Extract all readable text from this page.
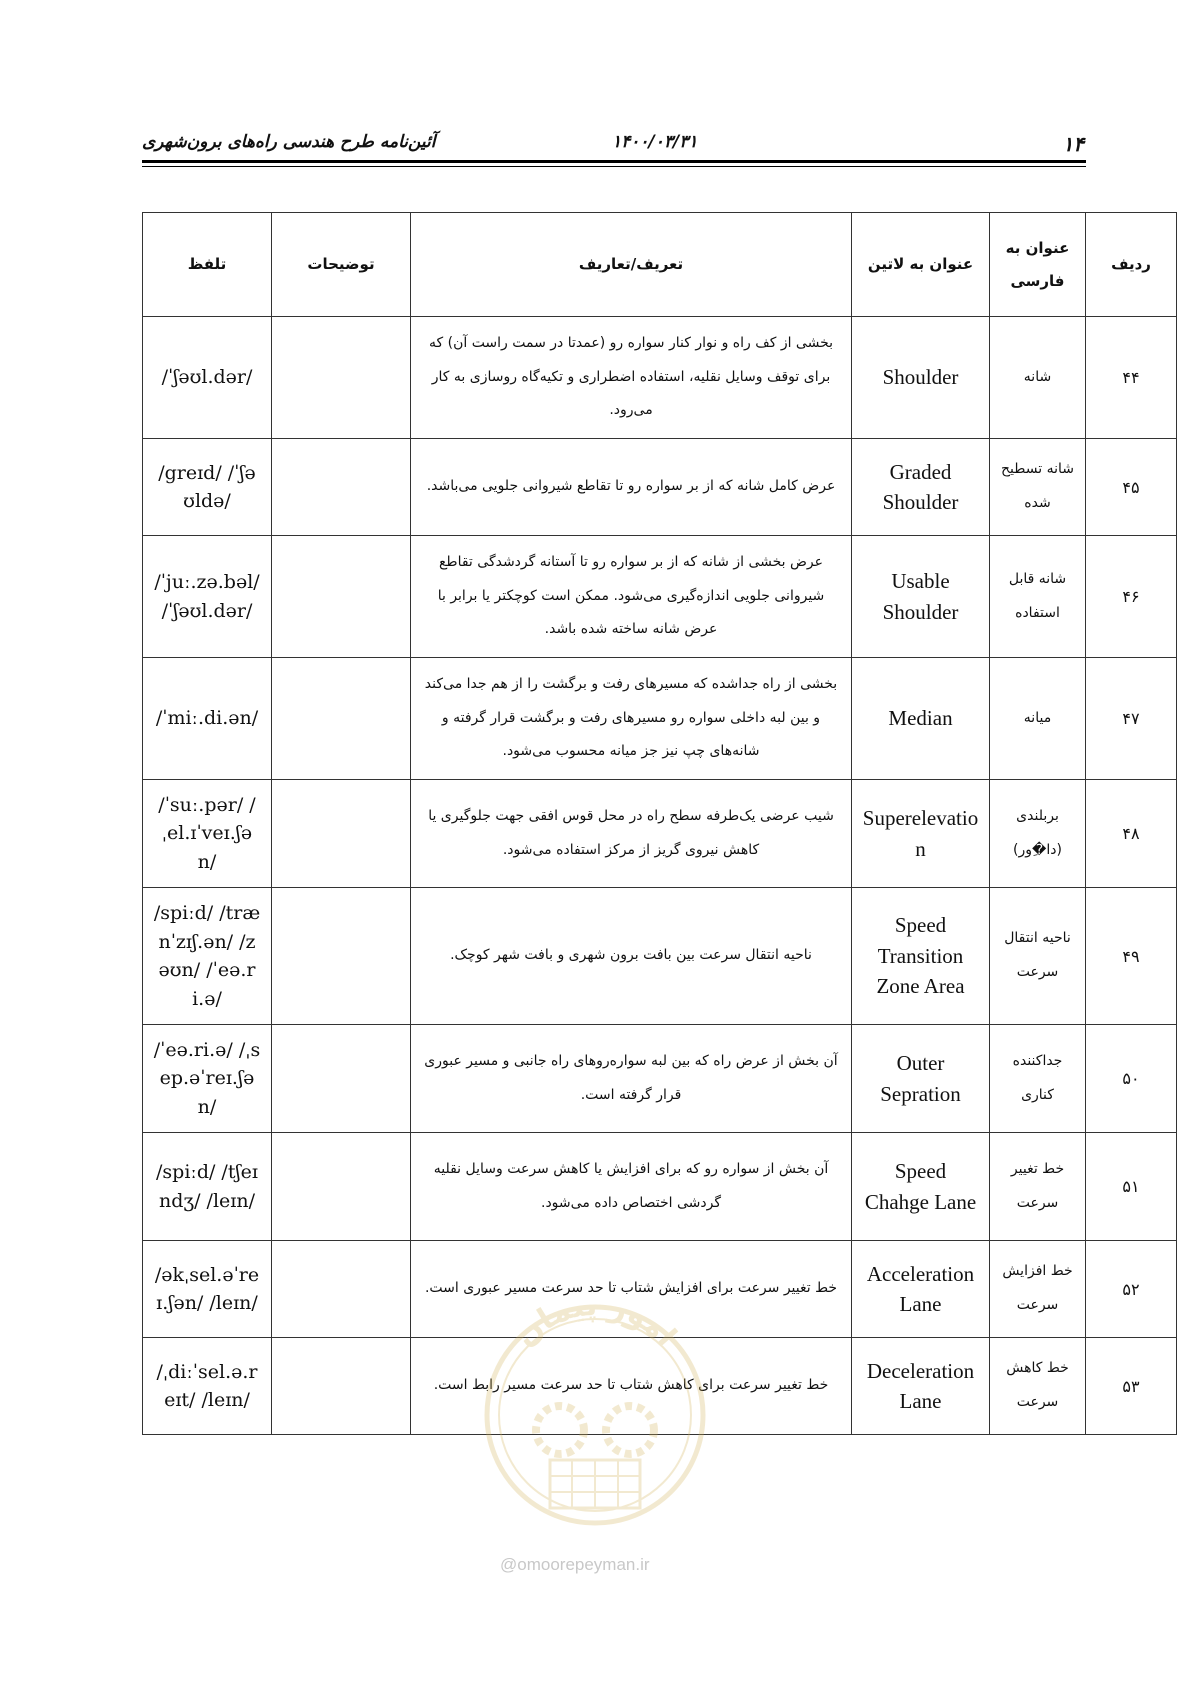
۱۴
۱۴۰۰/۰۳/۳۱
آئین‌نامه طرح هندسی راه‌های برون‌شهری
ردیف	عنوان به فارسی	عنوان به لاتین	تعریف/تعاریف	توضیحات	تلفظ
۴۴	شانه	Shoulder	بخشی از کف راه و نوار کنار سواره رو (عمدتا در سمت راست آن) که برای توقف وسایل نقلیه، استفاده اضطراری و تکیه‌گاه روسازی به کار می‌رود.		/ˈʃəʊl.dər/
۴۵	شانه تسطیح شده	Graded Shoulder	عرض کامل شانه که از بر سواره رو تا تقاطع شیروانی جلویی می‌باشد.		/greɪd/ /ˈʃəʊldə/
۴۶	شانه قابل استفاده	Usable Shoulder	عرض بخشی از شانه که از بر سواره رو تا آستانه گردشدگی تقاطع شیروانی جلویی اندازه‌گیری می‌شود. ممکن است کوچکتر یا برابر با عرض شانه ساخته شده باشد.		/ˈjuː.zə.bəl/ /ˈʃəʊl.dər/
۴۷	میانه	Median	بخشی از راه جداشده که مسیرهای رفت و برگشت را از هم جدا می‌کند و بین لبه داخلی سواره رو مسیرهای رفت و برگشت قرار گرفته و شانه‌های چپ نیز جز میانه محسوب می‌شود.		/ˈmiː.di.ən/
۴۸	بربلندی (دا�ِور)	Superelevation	شیب عرضی یک‌طرفه سطح راه در محل قوس افقی جهت جلوگیری یا کاهش نیروی گریز از مرکز استفاده می‌شود.		/ˈsuː.pər/ /ˌel.ɪˈveɪ.ʃən/
۴۹	ناحیه انتقال سرعت	Speed Transition Zone Area	ناحیه انتقال سرعت بین بافت برون شهری و بافت شهر کوچک.		/spiːd/ /trænˈzɪʃ.ən/ /zəʊn/ /ˈeə.ri.ə/
۵۰	جداکننده کناری	Outer Sepration	آن بخش از عرض راه که بین لبه سواره‌روهای راه جانبی و مسیر عبوری قرار گرفته است.		/ˈeə.ri.ə/ /ˌsep.əˈreɪ.ʃən/
۵۱	خط تغییر سرعت	Speed Chahge Lane	آن بخش از سواره رو که برای افزایش یا کاهش سرعت وسایل نقلیه گردشی اختصاص داده می‌شود.		/spiːd/ /tʃeɪndʒ/ /leɪn/
۵۲	خط افزایش سرعت	Acceleration Lane	خط تغییر سرعت برای افزایش شتاب تا حد سرعت مسیر عبوری است.		/əkˌsel.əˈreɪ.ʃən/ /leɪn/
۵۳	خط کاهش سرعت	Deceleration Lane	خط تغییر سرعت برای کاهش شتاب تا حد سرعت مسیر رابط است.		/ˌdiːˈsel.ə.reɪt/ /leɪn/
امور پیمان
@omoorepeyman.ir
